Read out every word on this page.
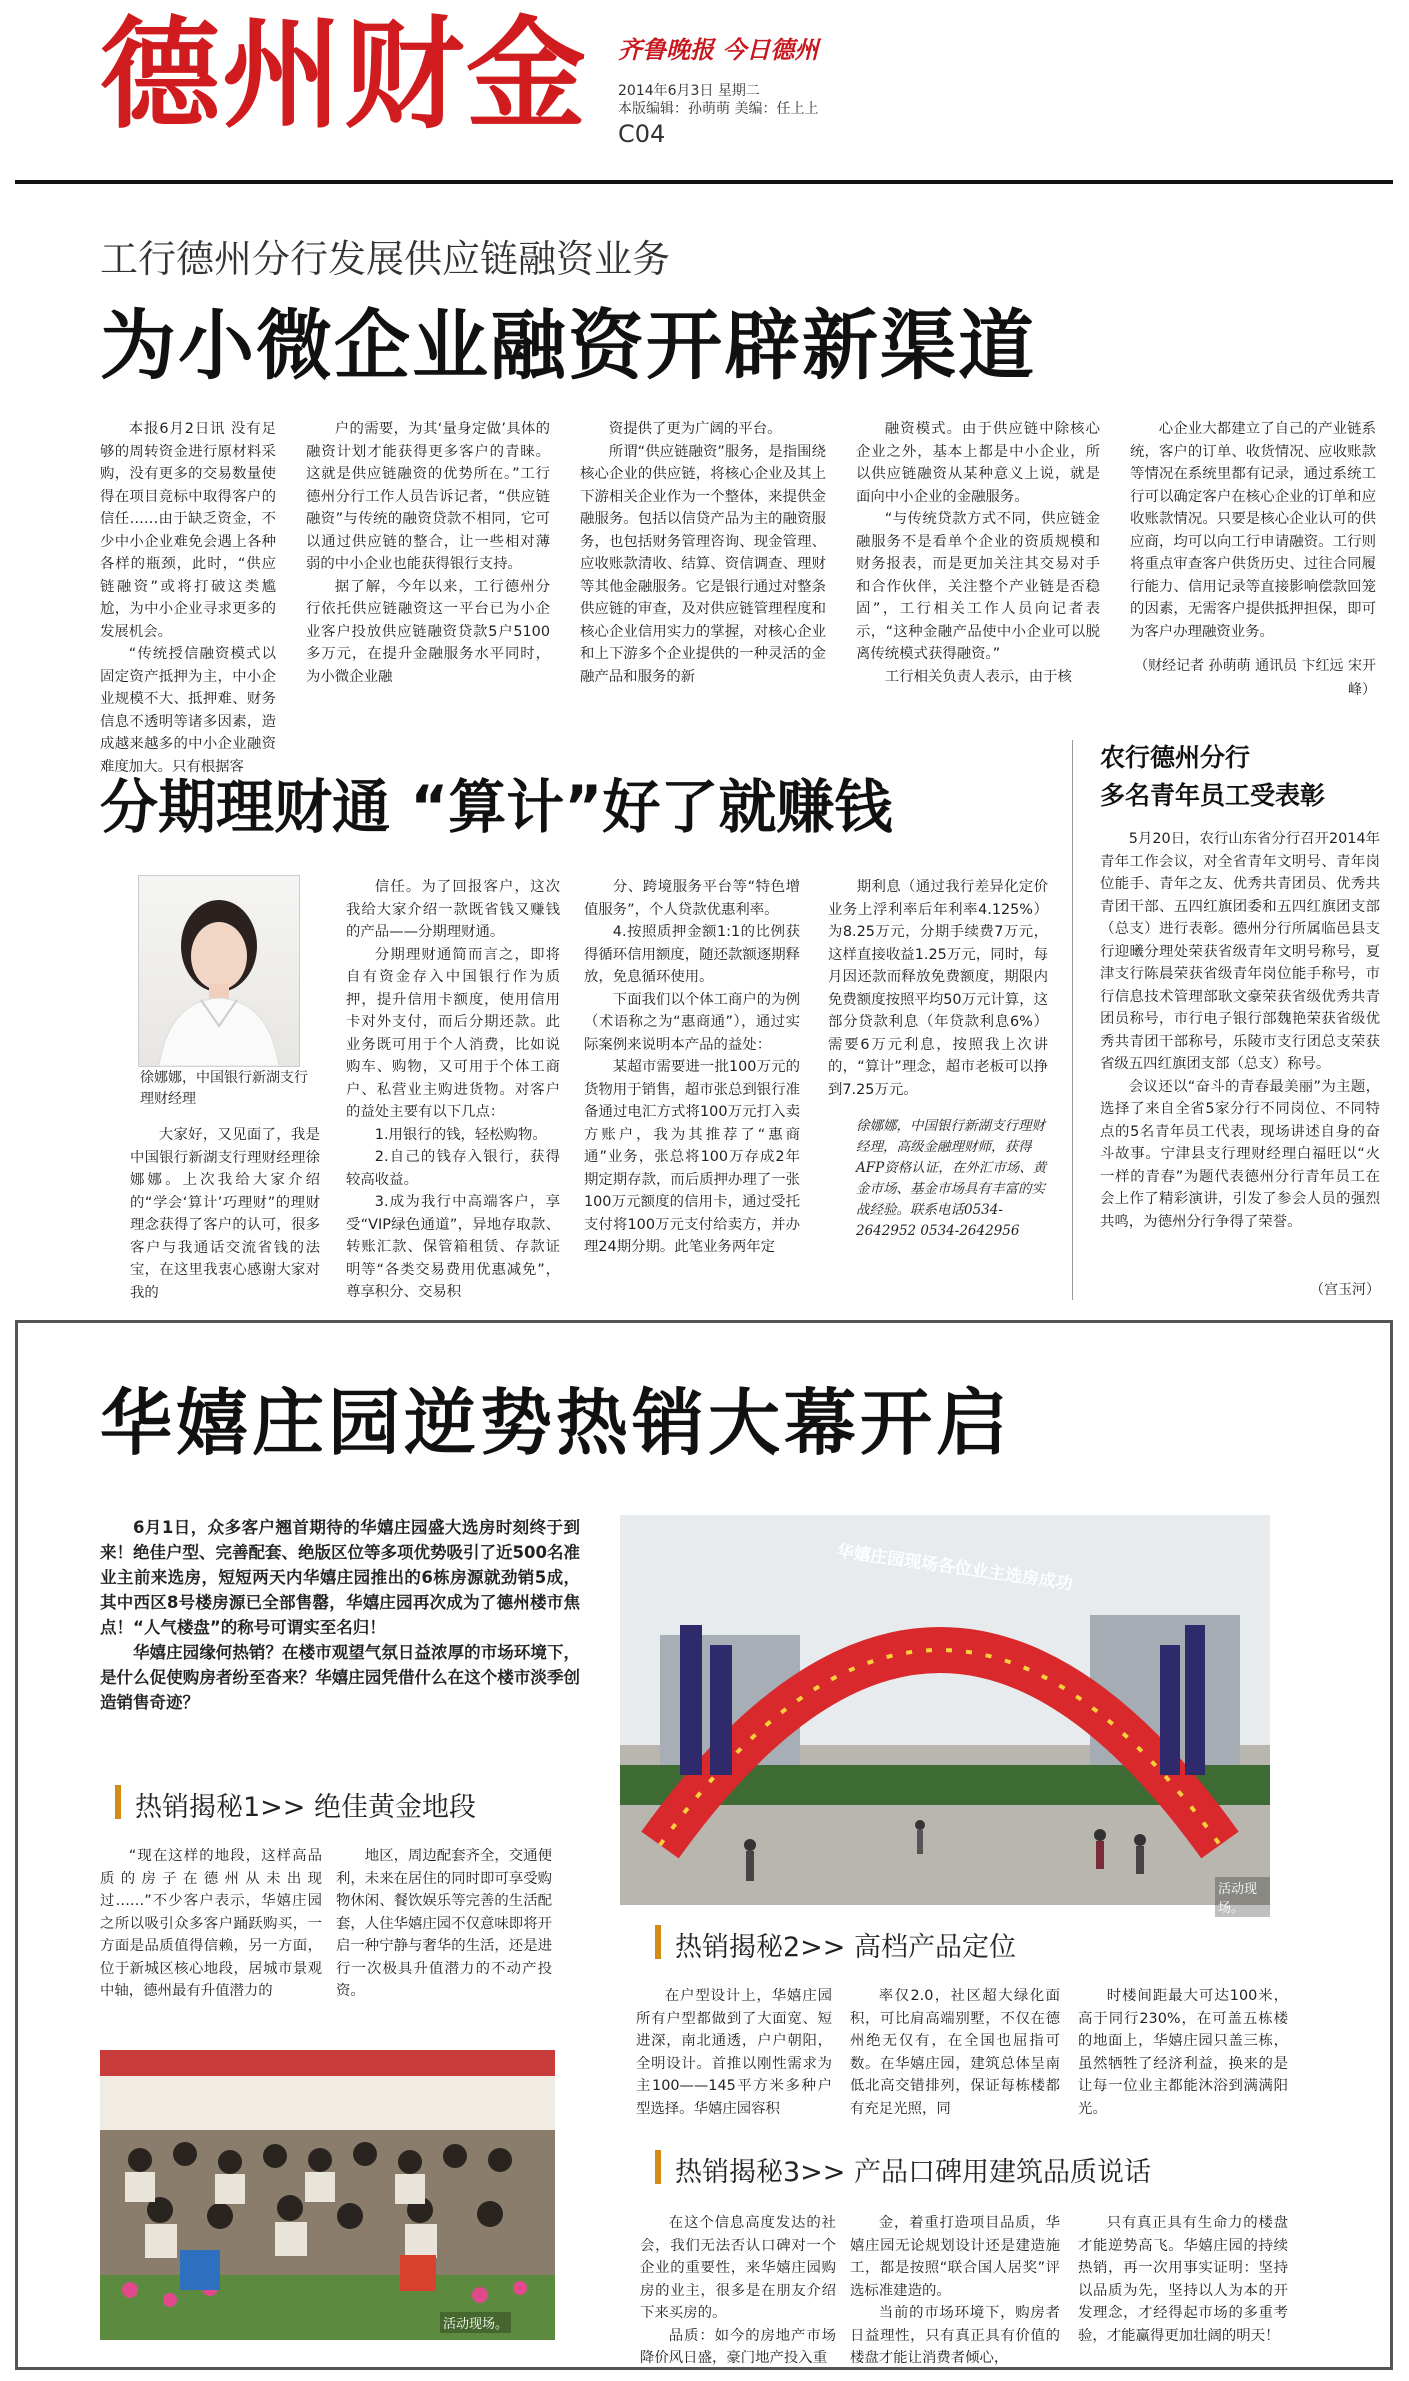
德州财金 齐鲁晚报 今日德州
2014年6月3日 星期二
本版编辑：孙萌萌 美编：任上上
C04
工行德州分行发展供应链融资业务
为小微企业融资开辟新渠道

本报6月2日讯 没有足够的周转资金进行原材料采购，没有更多的交易数量使得在项目竞标中取得客户的信任……由于缺乏资金，不少中小企业难免会遇上各种各样的瓶颈，此时，“供应链融资”或将打破这类尴尬，为中小企业寻求更多的发展机会。

“传统授信融资模式以固定资产抵押为主，中小企业规模不大、抵押难、财务信息不透明等诸多因素，造成越来越多的中小企业融资难度加大。只有根据客

户的需要，为其‘量身定做’具体的融资计划才能获得更多客户的青睐。这就是供应链融资的优势所在。”工行德州分行工作人员告诉记者，“供应链融资”与传统的融资贷款不相同，它可以通过供应链的整合，让一些相对薄弱的中小企业也能获得银行支持。

据了解，今年以来，工行德州分行依托供应链融资这一平台已为小企业客户投放供应链融资贷款5户5100多万元，在提升金融服务水平同时，为小微企业融

资提供了更为广阔的平台。

所谓“供应链融资”服务，是指围绕核心企业的供应链，将核心企业及其上下游相关企业作为一个整体，来提供金融服务。包括以信贷产品为主的融资服务，也包括财务管理咨询、现金管理、应收账款清收、结算、资信调查、理财等其他金融服务。它是银行通过对整条供应链的审查，及对供应链管理程度和核心企业信用实力的掌握，对核心企业和上下游多个企业提供的一种灵活的金融产品和服务的新

融资模式。由于供应链中除核心企业之外，基本上都是中小企业，所以供应链融资从某种意义上说，就是面向中小企业的金融服务。

“与传统贷款方式不同，供应链金融服务不是看单个企业的资质规模和财务报表，而是更加关注其交易对手和合作伙伴，关注整个产业链是否稳固”，工行相关工作人员向记者表示，“这种金融产品使中小企业可以脱离传统模式获得融资。”

工行相关负责人表示，由于核

心企业大都建立了自己的产业链系统，客户的订单、收货情况、应收账款等情况在系统里都有记录，通过系统工行可以确定客户在核心企业的订单和应收账款情况。只要是核心企业认可的供应商，均可以向工行申请融资。工行则将重点审查客户供货历史、过往合同履行能力、信用记录等直接影响偿款回笼的因素，无需客户提供抵押担保，即可为客户办理融资业务。

（财经记者 孙萌萌 通讯员 卞红远 宋开峰）
分期理财通 “算计”好了就赚钱
徐娜娜，中国银行新湖支行理财经理

大家好，又见面了，我是中国银行新湖支行理财经理徐娜娜。上次我给大家介绍的“学会‘算计’巧理财”的理财理念获得了客户的认可，很多客户与我通话交流省钱的法宝，在这里我衷心感谢大家对我的

信任。为了回报客户，这次我给大家介绍一款既省钱又赚钱的产品——分期理财通。

分期理财通简而言之，即将自有资金存入中国银行作为质押，提升信用卡额度，使用信用卡对外支付，而后分期还款。此业务既可用于个人消费，比如说购车、购物，又可用于个体工商户、私营业主购进货物。对客户的益处主要有以下几点：

1.用银行的钱，轻松购物。

2.自己的钱存入银行，获得较高收益。

3.成为我行中高端客户，享受“VIP绿色通道”，异地存取款、转账汇款、保管箱租赁、存款证明等“各类交易费用优惠减免”，尊享积分、交易积

分、跨境服务平台等“特色增值服务”，个人贷款优惠利率。

4.按照质押金额1:1的比例获得循环信用额度，随还款额逐期释放，免息循环使用。

下面我们以个体工商户的为例（术语称之为“惠商通”），通过实际案例来说明本产品的益处：

某超市需要进一批100万元的货物用于销售，超市张总到银行准备通过电汇方式将100万元打入卖方账户，我为其推荐了“惠商通”业务，张总将100万存成2年期定期存款，而后质押办理了一张100万元额度的信用卡，通过受托支付将100万元支付给卖方，并办理24期分期。此笔业务两年定

期利息（通过我行差异化定价业务上浮利率后年利率4.125%）为8.25万元，分期手续费7万元，这样直接收益1.25万元，同时，每月因还款而释放免费额度，期限内免费额度按照平均50万元计算，这部分贷款利息（年贷款利息6%）需要6万元利息，按照我上次讲的，“算计”理念，超市老板可以挣到7.25万元。

徐娜娜，中国银行新湖支行理财经理，高级金融理财师，获得AFP资格认证，在外汇市场、黄金市场、基金市场具有丰富的实战经验。联系电话0534-2642952 0534-2642956
农行德州分行
多名青年员工受表彰

5月20日，农行山东省分行召开2014年青年工作会议，对全省青年文明号、青年岗位能手、青年之友、优秀共青团员、优秀共青团干部、五四红旗团委和五四红旗团支部（总支）进行表彰。德州分行所属临邑县支行迎曦分理处荣获省级青年文明号称号，夏津支行陈晨荣获省级青年岗位能手称号，市行信息技术管理部耿文豪荣获省级优秀共青团员称号，市行电子银行部魏艳荣获省级优秀共青团干部称号，乐陵市支行团总支荣获省级五四红旗团支部（总支）称号。

会议还以“奋斗的青春最美丽”为主题，选择了来自全省5家分行不同岗位、不同特点的5名青年员工代表，现场讲述自身的奋斗故事。宁津县支行理财经理白福旺以“火一样的青春”为题代表德州分行青年员工在会上作了精彩演讲，引发了参会人员的强烈共鸣，为德州分行争得了荣誉。

（宫玉河）
华嬉庄园逆势热销大幕开启

6月1日，众多客户翘首期待的华嬉庄园盛大选房时刻终于到来！绝佳户型、完善配套、绝版区位等多项优势吸引了近500名准业主前来选房，短短两天内华嬉庄园推出的6栋房源就劲销5成，其中西区8号楼房源已全部售罄，华嬉庄园再次成为了德州楼市焦点！“人气楼盘”的称号可谓实至名归！

华嬉庄园缘何热销？在楼市观望气氛日益浓厚的市场环境下，是什么促使购房者纷至沓来？华嬉庄园凭借什么在这个楼市淡季创造销售奇迹？

华嬉庄园现场各位业主选房成功
活动现场。
热销揭秘1>> 绝佳黄金地段

“现在这样的地段，这样高品质的房子在德州从未出现过……”不少客户表示，华嬉庄园之所以吸引众多客户踊跃购买，一方面是品质值得信赖，另一方面，位于新城区核心地段，居城市景观中轴，德州最有升值潜力的

地区，周边配套齐全，交通便利，未来在居住的同时即可享受购物休闲、餐饮娱乐等完善的生活配套，人住华嬉庄园不仅意味即将开启一种宁静与奢华的生活，还是进行一次极具升值潜力的不动产投资。

热销揭秘2>> 高档产品定位

在户型设计上，华嬉庄园所有户型都做到了大面宽、短进深，南北通透，户户朝阳，全明设计。首推以刚性需求为主100——145平方米多种户型选择。华嬉庄园容积

率仅2.0，社区超大绿化面积，可比肩高端别墅，不仅在德州绝无仅有，在全国也屈指可数。在华嬉庄园，建筑总体呈南低北高交错排列，保证每栋楼都有充足光照，同

时楼间距最大可达100米，高于同行230%，在可盖五栋楼的地面上，华嬉庄园只盖三栋，虽然牺牲了经济利益，换来的是让每一位业主都能沐浴到满满阳光。

热销揭秘3>> 产品口碑用建筑品质说话

在这个信息高度发达的社会，我们无法否认口碑对一个企业的重要性，来华嬉庄园购房的业主，很多是在朋友介绍下来买房的。

品质：如今的房地产市场降价风日盛，豪门地产投入重

金，着重打造项目品质，华嬉庄园无论规划设计还是建造施工，都是按照“联合国人居奖”评选标准建造的。

当前的市场环境下，购房者日益理性，只有真正具有价值的楼盘才能让消费者倾心，

只有真正具有生命力的楼盘才能逆势高飞。华嬉庄园的持续热销，再一次用事实证明：坚持以品质为先，坚持以人为本的开发理念，才经得起市场的多重考验，才能赢得更加壮阔的明天！

活动现场。
